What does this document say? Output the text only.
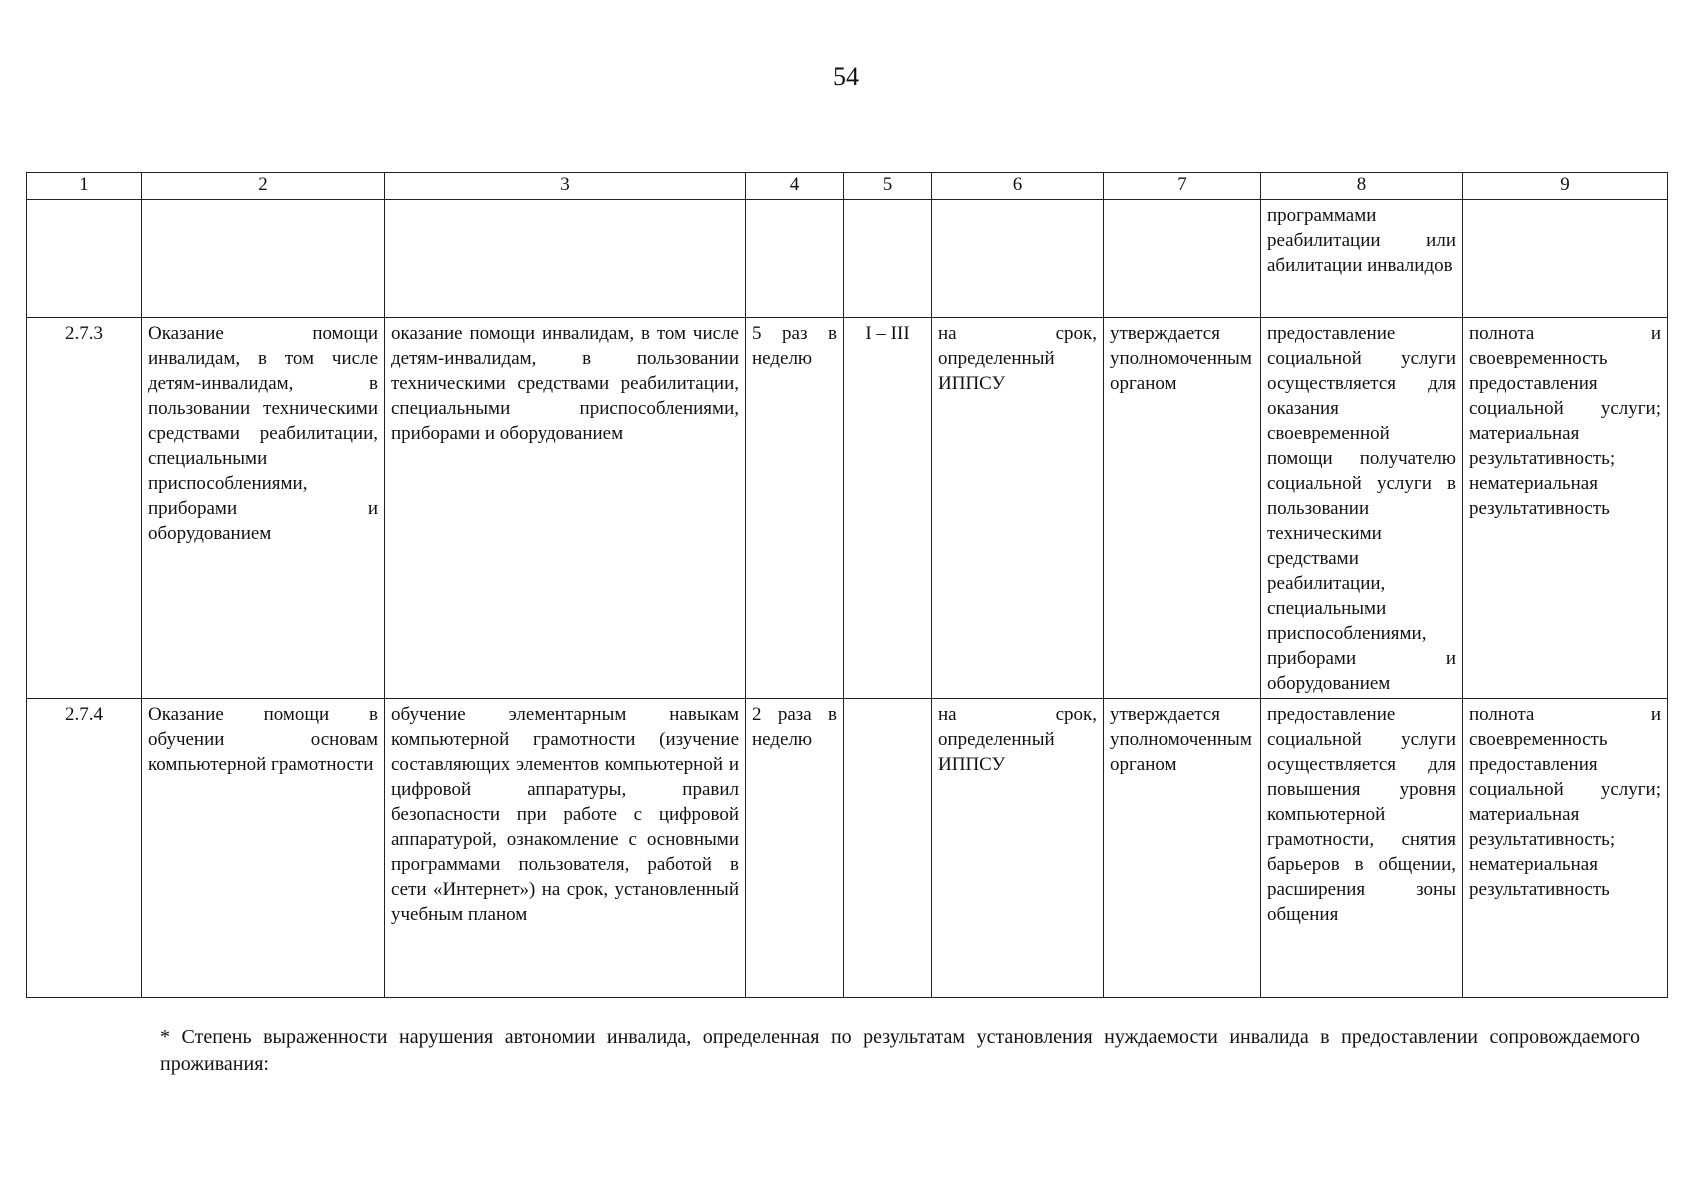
54
1	2	3	4	5	6	7	8	9
							программами реабилитации или абилитации инвалидов	
2.7.3	Оказание помощи инвалидам, в том числе детям-инвалидам, в пользовании техническими средствами реабилитации, специальными приспособлениями, приборами и оборудованием	оказание помощи инвалидам, в том числе детям-инвалидам, в пользовании техническими средствами реабилитации, специальными приспособлениями, приборами и оборудованием	5 раз в неделю	I – III	на срок, определенный ИППСУ	утверждается уполномоченным органом	предоставление социальной услуги осуществляется для оказания своевременной помощи получателю социальной услуги в пользовании техническими средствами реабилитации, специальными приспособлениями, приборами и оборудованием	полнота и своевременность предоставления социальной услуги; материальная результативность; нематериальная результативность
2.7.4	Оказание помощи в обучении основам компьютерной грамотности	обучение элементарным навыкам компьютерной грамотности (изучение составляющих элементов компьютерной и цифровой аппаратуры, правил безопасности при работе с цифровой аппаратурой, ознакомление с основными программами пользователя, работой в сети «Интернет») на срок, установленный учебным планом	2 раза в неделю		на срок, определенный ИППСУ	утверждается уполномоченным органом	предоставление социальной услуги осуществляется для повышения уровня компьютерной грамотности, снятия барьеров в общении, расширения зоны общения	полнота и своевременность предоставления социальной услуги; материальная результативность; нематериальная результативность
* Степень выраженности нарушения автономии инвалида, определенная по результатам установления нуждаемости инвалида в предоставлении сопровождаемого проживания:
